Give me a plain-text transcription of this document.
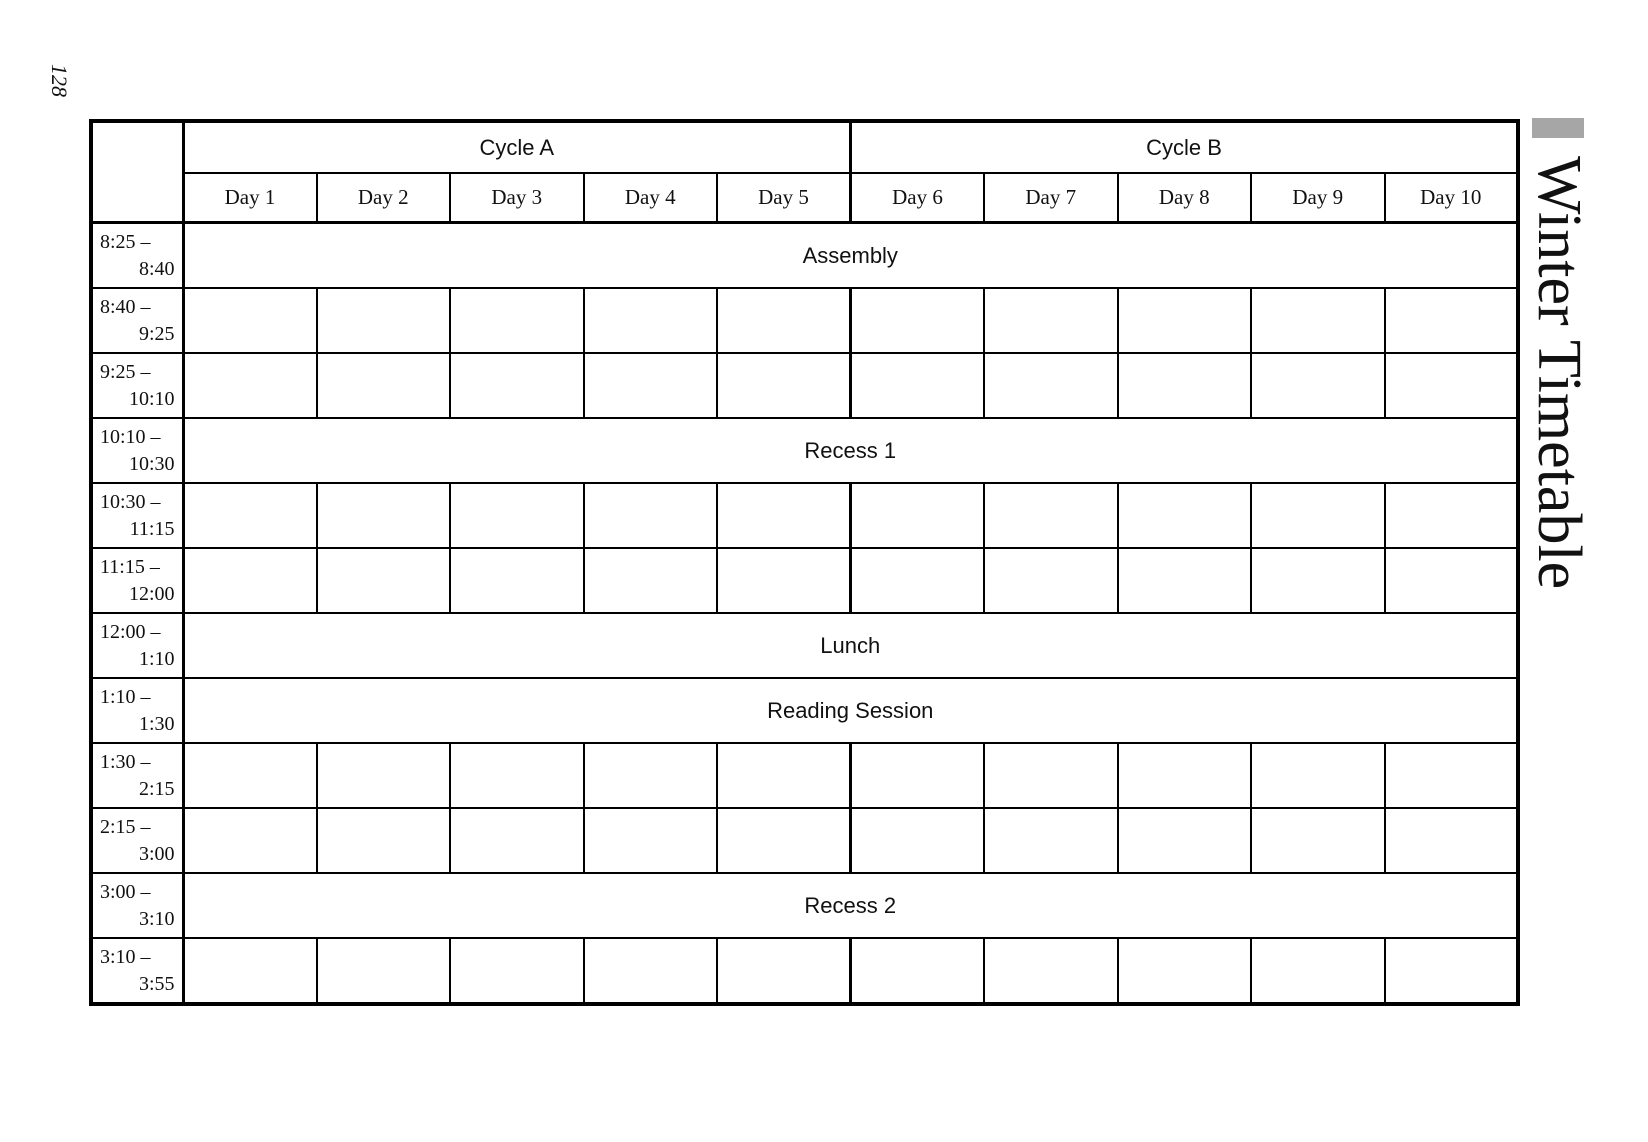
128
Winter Timetable
	Cycle A					Cycle B				
	Day 1	Day 2	Day 3	Day 4	Day 5	Day 6	Day 7	Day 8	Day 9	Day 10

8:25 –
8:40	Assembly									

8:40 –
9:25										

9:25 –
10:10										

10:10 –
10:30	Recess 1									

10:30 –
11:15										

11:15 –
12:00										

12:00 –
1:10	Lunch									

1:10 –
1:30	Reading Session									

1:30 –
2:15										

2:15 –
3:00										

3:00 –
3:10	Recess 2									

3:10 –
3:55										
